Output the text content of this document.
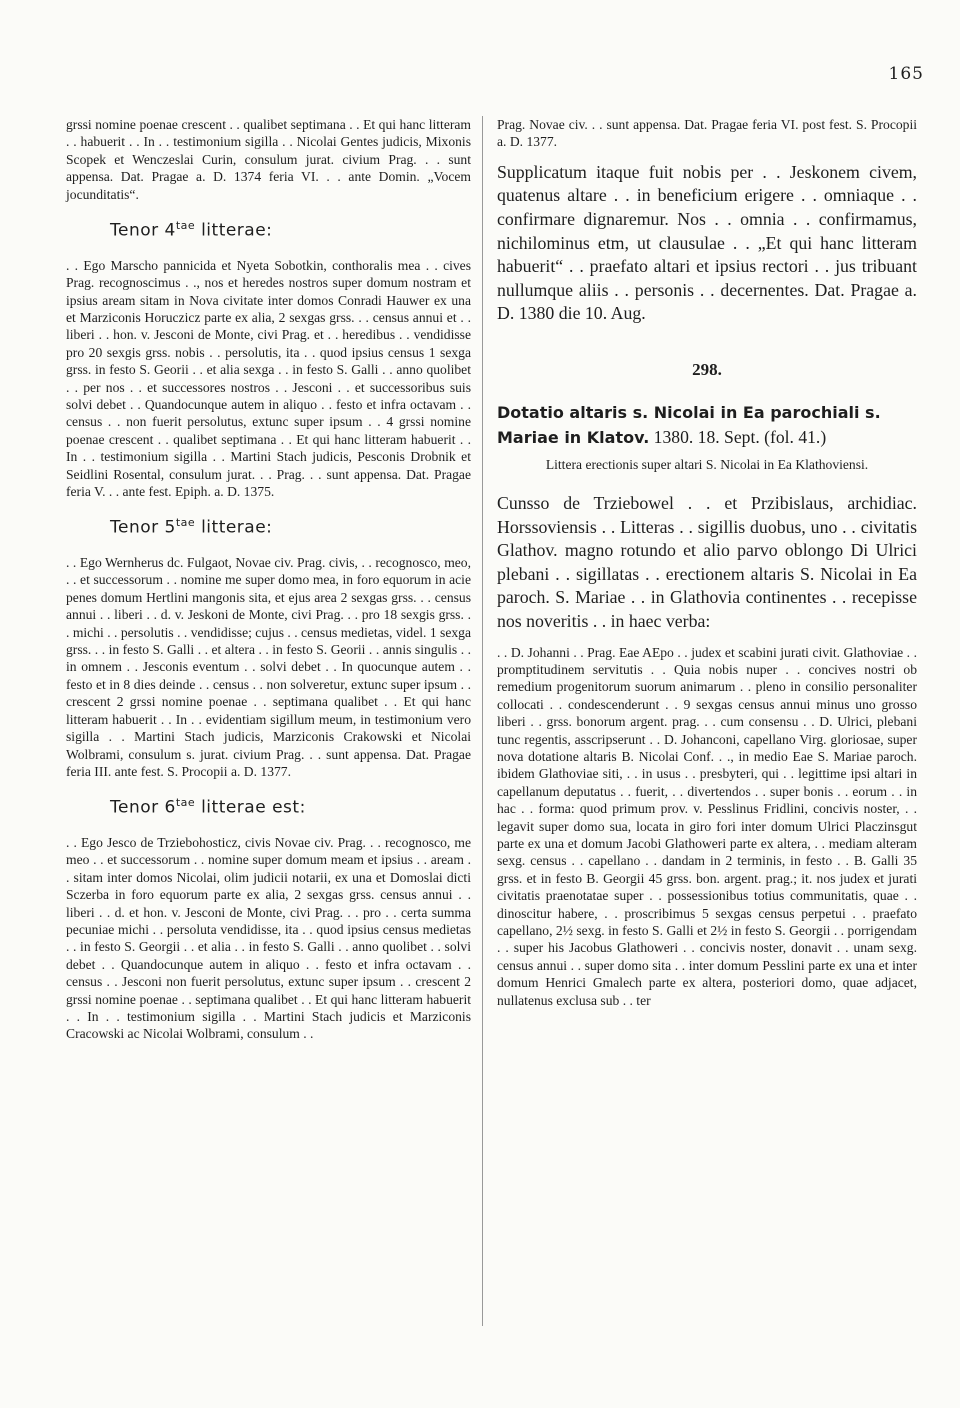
165

grssi nomine poenae crescent . . qualibet septimana . . Et qui hanc litteram . . habuerit . . In . . testimonium sigilla . . Nicolai Gentes judicis, Mixonis Scopek et Wenczeslai Curin, consulum jurat. civium Prag. . . sunt appensa. Dat. Pragae a. D. 1374 feria VI. . . ante Domin. „Vocem jocunditatis“.

Tenor $4^{tae}$ litterae:

. . Ego Marscho pannicida et Nyeta Sobotkin, conthoralis mea . . cives Prag. recognoscimus . ., nos et heredes nostros super domum nostram et ipsius aream sitam in Nova civitate inter domos Conradi Hauwer ex una et Marziconis Horuczicz parte ex alia, 2 sexgas grss. . . census annui et . . liberi . . hon. v. Jesconi de Monte, civi Prag. et . . heredibus . . vendidisse pro 20 sexgis grss. nobis . . persolutis, ita . . quod ipsius census 1 sexga grss. in festo S. Georii . . et alia sexga . . in festo S. Galli . . anno quolibet . . per nos . . et successores nostros . . Jesconi . . et successoribus suis solvi debet . . Quandocunque autem in aliquo . . festo et infra octavam . . census . . non fuerit persolutus, extunc super ipsum . . 4 grssi nomine poenae crescent . . qualibet septimana . . Et qui hanc litteram habuerit . . In . . testimonium sigilla . . Martini Stach judicis, Pesconis Drobnik et Seidlini Rosental, consulum jurat. . . Prag. . . sunt appensa. Dat. Pragae feria V. . . ante fest. Epiph. a. D. 1375.

Tenor $5^{tae}$ litterae:

. . Ego Wernherus dc. Fulgaot, Novae civ. Prag. civis, . . recognosco, meo, . . et successorum . . nomine me super domo mea, in foro equorum in acie penes domum Hertlini mangonis sita, et ejus area 2 sexgas grss. . . census annui . . liberi . . d. v. Jeskoni de Monte, civi Prag. . . pro 18 sexgis grss. . . michi . . persolutis . . vendidisse; cujus . . census medietas, videl. 1 sexga grss. . . in festo S. Galli . . et altera . . in festo S. Georii . . annis singulis . . in omnem . . Jesconis eventum . . solvi debet . . In quocunque autem . . festo et in 8 dies deinde . . census . . non solveretur, extunc super ipsum . . crescent 2 grssi nomine poenae . . septimana qualibet . . Et qui hanc litteram habuerit . . In . . evidentiam sigillum meum, in testimonium vero sigilla . . Martini Stach judicis, Marziconis Crakowski et Nicolai Wolbrami, consulum s. jurat. civium Prag. . . sunt appensa. Dat. Pragae feria III. ante fest. S. Procopii a. D. 1377.

Tenor $6^{tae}$ litterae est:

. . Ego Jesco de Trziebohosticz, civis Novae civ. Prag. . . recognosco, me meo . . et successorum . . nomine super domum meam et ipsius . . aream . . sitam inter domos Nicolai, olim judicii notarii, ex una et Domoslai dicti Sczerba in foro equorum parte ex alia, 2 sexgas grss. census annui . . liberi . . d. et hon. v. Jesconi de Monte, civi Prag. . . pro . . certa summa pecuniae michi . . persoluta vendidisse, ita . . quod ipsius census medietas . . in festo S. Georgii . . et alia . . in festo S. Galli . . anno quolibet . . solvi debet . . Quandocunque autem in aliquo . . festo et infra octavam . . census . . Jesconi non fuerit persolutus, extunc super ipsum . . crescent 2 grssi nomine poenae . . septimana qualibet . . Et qui hanc litteram habuerit . . In . . testimonium sigilla . . Martini Stach judicis et Marziconis Cracowski ac Nicolai Wolbrami, consulum . .

Prag. Novae civ. . . sunt appensa. Dat. Pragae feria VI. post fest. S. Procopii a. D. 1377.

Supplicatum itaque fuit nobis per . . Jeskonem civem, quatenus altare . . in beneficium erigere . . omniaque . . confirmare dignaremur. Nos . . omnia . . confirmamus, nichilominus etm, ut clausulae . . „Et qui hanc litteram habuerit“ . . praefato altari et ipsius rectori . . jus tribuant nullumque aliis . . personis . . decernentes. Dat. Pragae a. D. 1380 die 10. Aug.

298.

Dotatio altaris s. Nicolai in Ea parochiali s. Mariae in Klatov. 1380. 18. Sept. (fol. 41.)

Littera erectionis super altari S. Nicolai in Ea Klathoviensi.

Cunsso de Trziebowel . . et Przibislaus, archidiac. Horssoviensis . . Litteras . . sigillis duobus, uno . . civitatis Glathov. magno rotundo et alio parvo oblongo Di Ulrici plebani . . sigillatas . . erectionem altaris S. Nicolai in Ea paroch. S. Mariae . . in Glathovia continentes . . recepisse nos noveritis . . in haec verba:

. . D. Johanni . . Prag. Eae AEpo . . judex et scabini jurati civit. Glathoviae . . promptitudinem servitutis . . Quia nobis nuper . . concives nostri ob remedium progenitorum suorum animarum . . pleno in consilio personaliter collocati . . condescenderunt . . 9 sexgas census annui minus uno grosso liberi . . grss. bonorum argent. prag. . . cum consensu . . D. Ulrici, plebani tunc regentis, asscripserunt . . D. Johanconi, capellano Virg. gloriosae, super nova dotatione altaris B. Nicolai Conf. . ., in medio Eae S. Mariae paroch. ibidem Glathoviae siti, . . in usus . . presbyteri, qui . . legittime ipsi altari in capellanum deputatus . . fuerit, . . divertendos . . super bonis . . eorum . . in hac . . forma: quod primum prov. v. Pesslinus Fridlini, concivis noster, . . legavit super domo sua, locata in giro fori inter domum Ulrici Placzinsgut parte ex una et domum Jacobi Glathoweri parte ex altera, . . mediam alteram sexg. census . . capellano . . dandam in 2 terminis, in festo . . B. Galli 35 grss. et in festo B. Georgii 45 grss. bon. argent. prag.; it. nos judex et jurati civitatis praenotatae super . . possessionibus totius communitatis, quae . . dinoscitur habere, . . proscribimus 5 sexgas census perpetui . . praefato capellano, 2½ sexg. in festo S. Galli et 2½ in festo S. Georgii . . porrigendam . . super his Jacobus Glathoweri . . concivis noster, donavit . . unam sexg. census annui . . super domo sita . . inter domum Pesslini parte ex una et inter domum Henrici Gmalech parte ex altera, posteriori domo, quae adjacet, nullatenus exclusa sub . . ter
